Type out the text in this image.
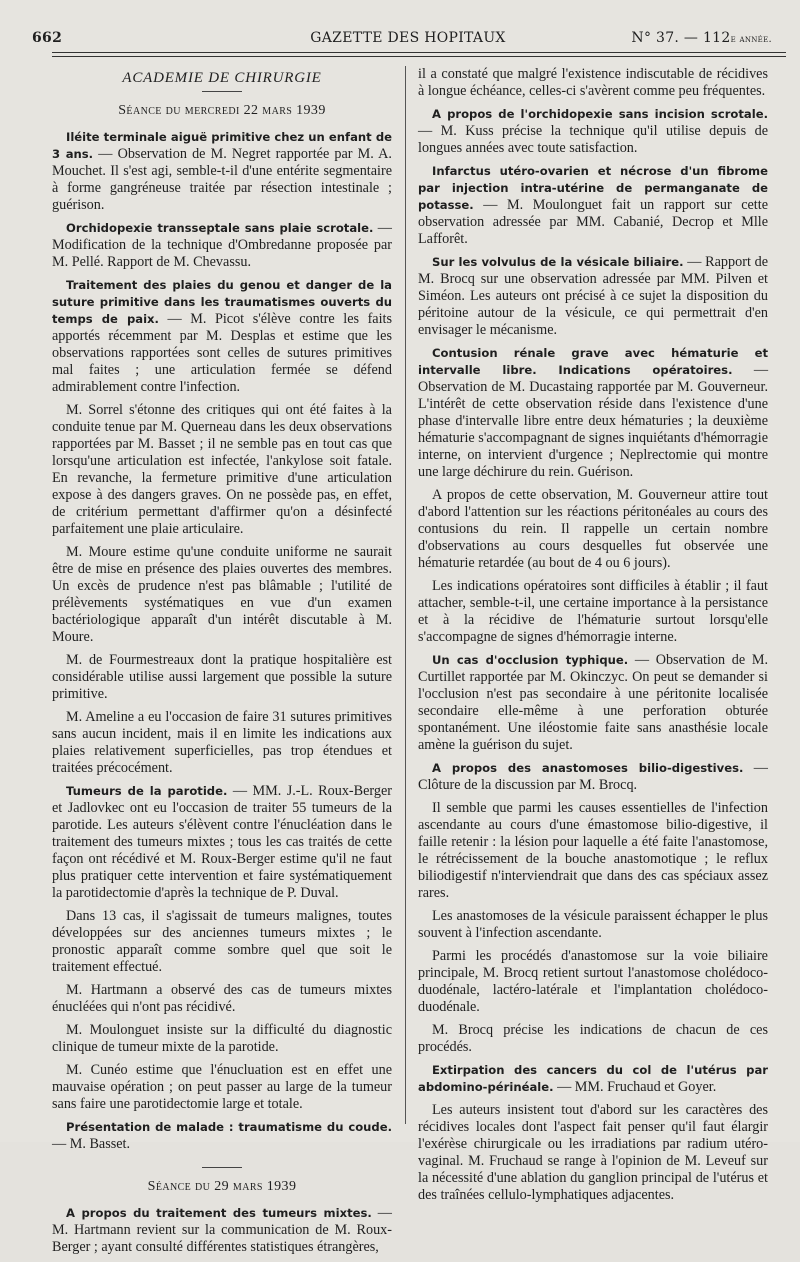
662	GAZETTE DES HOPITAUX	N° 37. — 112e année.
ACADEMIE DE CHIRURGIE
Séance du mercredi 22 mars 1939

Iléite terminale aiguë primitive chez un enfant de 3 ans. — Observation de M. Negret rapportée par M. A. Mouchet. Il s'est agi, semble-t-il d'une entérite segmentaire à forme gangréneuse traitée par résection intestinale ; guérison.

Orchidopexie transseptale sans plaie scrotale. — Modification de la technique d'Ombredanne proposée par M. Pellé. Rapport de M. Chevassu.

Traitement des plaies du genou et danger de la suture primitive dans les traumatismes ouverts du temps de paix. — M. Picot s'élève contre les faits apportés récemment par M. Desplas et estime que les observations rapportées sont celles de sutures primitives mal faites ; une articulation fermée se défend admirablement contre l'infection.

M. Sorrel s'étonne des critiques qui ont été faites à la conduite tenue par M. Querneau dans les deux observations rapportées par M. Basset ; il ne semble pas en tout cas que lorsqu'une articulation est infectée, l'ankylose soit fatale. En revanche, la fermeture primitive d'une articulation expose à des dangers graves. On ne possède pas, en effet, de critérium permettant d'affirmer qu'on a désinfecté parfaitement une plaie articulaire.

M. Moure estime qu'une conduite uniforme ne saurait être de mise en présence des plaies ouvertes des membres. Un excès de prudence n'est pas blâmable ; l'utilité de prélèvements systématiques en vue d'un examen bactériologique apparaît d'un intérêt discutable à M. Moure.

M. de Fourmestreaux dont la pratique hospitalière est considérable utilise aussi largement que possible la suture primitive.

M. Ameline a eu l'occasion de faire 31 sutures primitives sans aucun incident, mais il en limite les indications aux plaies relativement superficielles, pas trop étendues et traitées précocément.

Tumeurs de la parotide. — MM. J.-L. Roux-Berger et Jadlovkec ont eu l'occasion de traiter 55 tumeurs de la parotide. Les auteurs s'élèvent contre l'énucléation dans le traitement des tumeurs mixtes ; tous les cas traités de cette façon ont récédivé et M. Roux-Berger estime qu'il ne faut plus pratiquer cette intervention et faire systématiquement la parotidectomie d'après la technique de P. Duval.

Dans 13 cas, il s'agissait de tumeurs malignes, toutes développées sur des anciennes tumeurs mixtes ; le pronostic apparaît comme sombre quel que soit le traitement effectué.

M. Hartmann a observé des cas de tumeurs mixtes énucléées qui n'ont pas récidivé.

M. Moulonguet insiste sur la difficulté du diagnostic clinique de tumeur mixte de la parotide.

M. Cunéo estime que l'énucluation est en effet une mauvaise opération ; on peut passer au large de la tumeur sans faire une parotidectomie large et totale.

Présentation de malade : traumatisme du coude. — M. Basset.

Séance du 29 mars 1939

A propos du traitement des tumeurs mixtes. — M. Hartmann revient sur la communication de M. Roux-Berger ; ayant consulté différentes statistiques étrangères,

il a constaté que malgré l'existence indiscutable de récidives à longue échéance, celles-ci s'avèrent comme peu fréquentes.

A propos de l'orchidopexie sans incision scrotale. — M. Kuss précise la technique qu'il utilise depuis de longues années avec toute satisfaction.

Infarctus utéro-ovarien et nécrose d'un fibrome par injection intra-utérine de permanganate de potasse. — M. Moulonguet fait un rapport sur cette observation adressée par MM. Cabanié, Decrop et Mlle Lafforêt.

Sur les volvulus de la vésicale biliaire. — Rapport de M. Brocq sur une observation adressée par MM. Pilven et Siméon. Les auteurs ont précisé à ce sujet la disposition du péritoine autour de la vésicule, ce qui permettrait d'en envisager le mécanisme.

Contusion rénale grave avec hématurie et intervalle libre. Indications opératoires. — Observation de M. Ducastaing rapportée par M. Gouverneur. L'intérêt de cette observation réside dans l'existence d'une phase d'intervalle libre entre deux hématuries ; la deuxième hématurie s'accompagnant de signes inquiétants d'hémorragie interne, on intervient d'urgence ; Neplrectomie qui montre une large déchirure du rein. Guérison.

A propos de cette observation, M. Gouverneur attire tout d'abord l'attention sur les réactions péritonéales au cours des contusions du rein. Il rappelle un certain nombre d'observations au cours desquelles fut observée une hématurie retardée (au bout de 4 ou 6 jours).

Les indications opératoires sont difficiles à établir ; il faut attacher, semble-t-il, une certaine importance à la persistance et à la récidive de l'hématurie surtout lorsqu'elle s'accompagne de signes d'hémorragie interne.

Un cas d'occlusion typhique. — Observation de M. Curtillet rapportée par M. Okinczyc. On peut se demander si l'occlusion n'est pas secondaire à une péritonite localisée secondaire elle-même à une perforation obturée spontanément. Une iléostomie faite sans anasthésie locale amène la guérison du sujet.

A propos des anastomoses bilio-digestives. — Clôture de la discussion par M. Brocq.

Il semble que parmi les causes essentielles de l'infection ascendante au cours d'une émastomose bilio-digestive, il faille retenir : la lésion pour laquelle a été faite l'anastomose, le rétrécissement de la bouche anastomotique ; le reflux biliodigestif n'interviendrait que dans des cas spéciaux assez rares.

Les anastomoses de la vésicule paraissent échapper le plus souvent à l'infection ascendante.

Parmi les procédés d'anastomose sur la voie biliaire principale, M. Brocq retient surtout l'anastomose cholédoco-duodénale, lactéro-latérale et l'implantation cholédoco-duodénale.

M. Brocq précise les indications de chacun de ces procédés.

Extirpation des cancers du col de l'utérus par abdomino-périnéale. — MM. Fruchaud et Goyer.

Les auteurs insistent tout d'abord sur les caractères des récidives locales dont l'aspect fait penser qu'il faut élargir l'exérèse chirurgicale ou les irradiations par radium utéro-vaginal. M. Fruchaud se range à l'opinion de M. Leveuf sur la nécessité d'une ablation du ganglion principal de l'utérus et des traînées cellulo-lymphatiques adjacentes.
